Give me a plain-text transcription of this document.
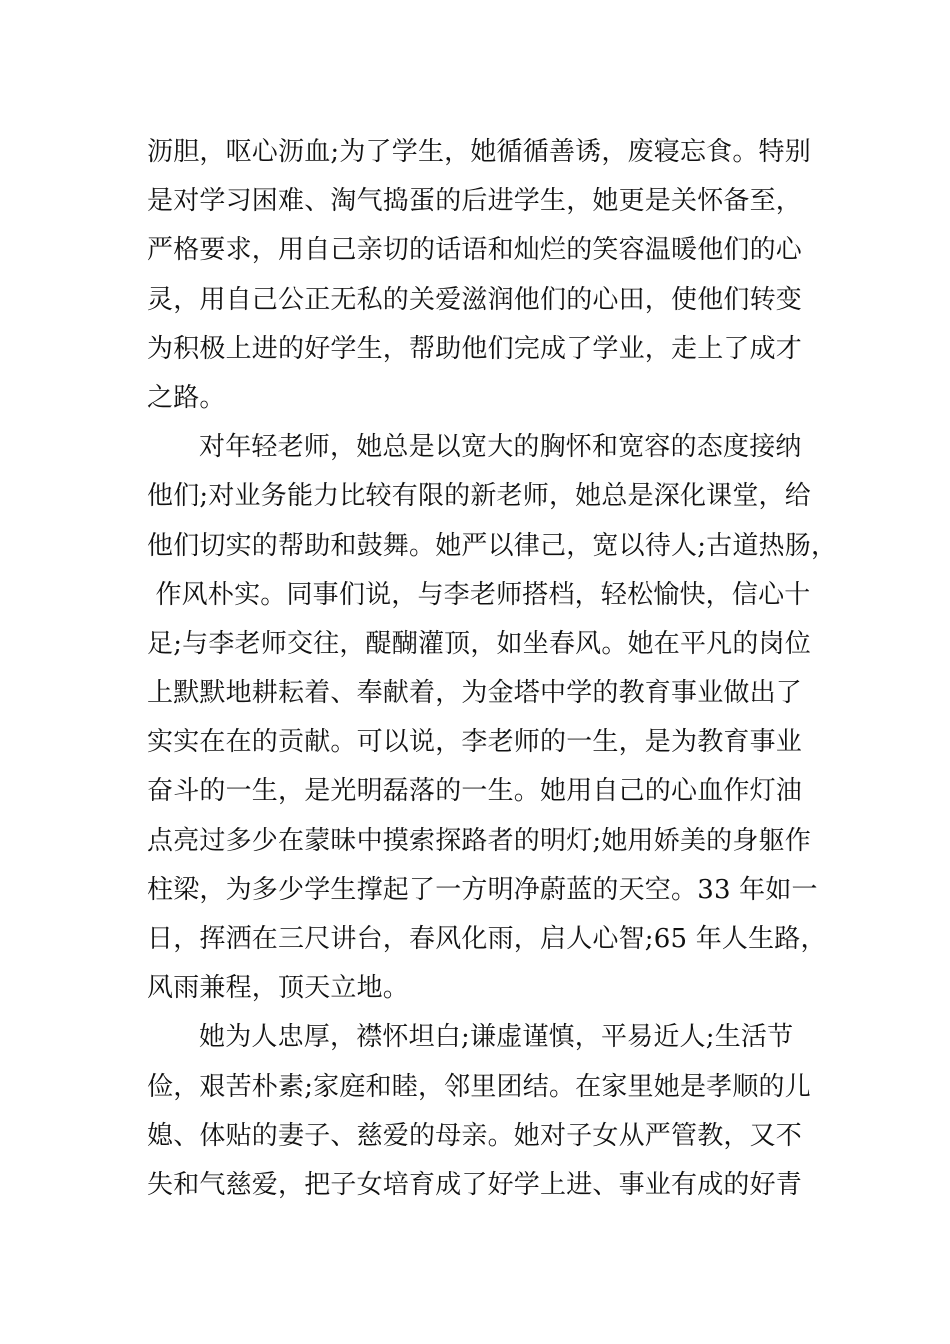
沥胆，呕心沥血;为了学生，她循循善诱，废寝忘食。特别
是对学习困难、淘气捣蛋的后进学生，她更是关怀备至，
严格要求，用自己亲切的话语和灿烂的笑容温暖他们的心
灵，用自己公正无私的关爱滋润他们的心田，使他们转变
为积极上进的好学生，帮助他们完成了学业，走上了成才
之路。
对年轻老师，她总是以宽大的胸怀和宽容的态度接纳
他们;对业务能力比较有限的新老师，她总是深化课堂，给
他们切实的帮助和鼓舞。她严以律己，宽以待人;古道热肠，
作风朴实。同事们说，与李老师搭档，轻松愉快，信心十
足;与李老师交往，醍醐灌顶，如坐春风。她在平凡的岗位
上默默地耕耘着、奉献着，为金塔中学的教育事业做出了
实实在在的贡献。可以说，李老师的一生，是为教育事业
奋斗的一生，是光明磊落的一生。她用自己的心血作灯油
点亮过多少在蒙昧中摸索探路者的明灯;她用娇美的身躯作
柱梁，为多少学生撑起了一方明净蔚蓝的天空。33 年如一
日，挥洒在三尺讲台，春风化雨，启人心智;65 年人生路，
风雨兼程，顶天立地。
她为人忠厚，襟怀坦白;谦虚谨慎，平易近人;生活节
俭，艰苦朴素;家庭和睦，邻里团结。在家里她是孝顺的儿
媳、体贴的妻子、慈爱的母亲。她对子女从严管教，又不
失和气慈爱，把子女培育成了好学上进、事业有成的好青
